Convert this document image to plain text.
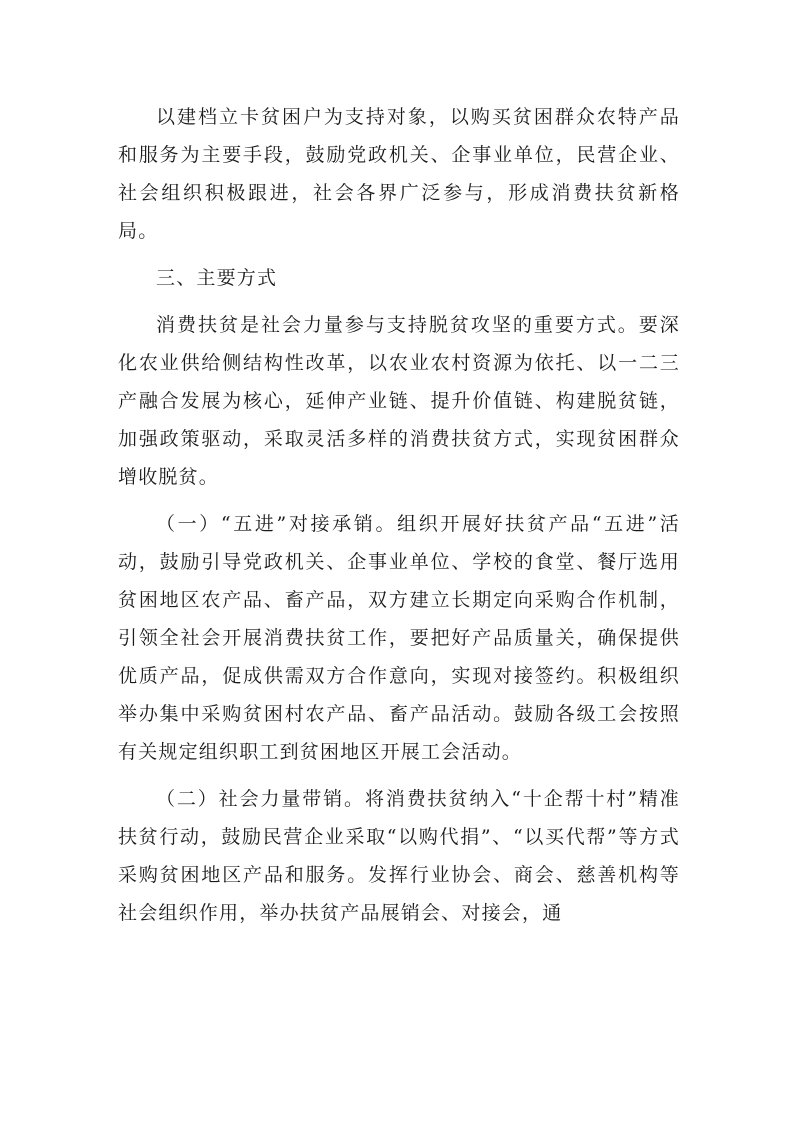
以建档立卡贫困户为支持对象，以购买贫困群众农特产品和服务为主要手段，鼓励党政机关、企事业单位，民营企业、社会组织积极跟进，社会各界广泛参与，形成消费扶贫新格局。

三、主要方式

消费扶贫是社会力量参与支持脱贫攻坚的重要方式。要深化农业供给侧结构性改革，以农业农村资源为依托、以一二三产融合发展为核心，延伸产业链、提升价值链、构建脱贫链，加强政策驱动，采取灵活多样的消费扶贫方式，实现贫困群众增收脱贫。

（一）“五进”对接承销。组织开展好扶贫产品“五进”活动，鼓励引导党政机关、企事业单位、学校的食堂、餐厅选用贫困地区农产品、畜产品，双方建立长期定向采购合作机制，引领全社会开展消费扶贫工作，要把好产品质量关，确保提供优质产品，促成供需双方合作意向，实现对接签约。积极组织举办集中采购贫困村农产品、畜产品活动。鼓励各级工会按照有关规定组织职工到贫困地区开展工会活动。

（二）社会力量带销。将消费扶贫纳入“十企帮十村”精准扶贫行动，鼓励民营企业采取“以购代捐”、“以买代帮”等方式采购贫困地区产品和服务。发挥行业协会、商会、慈善机构等社会组织作用，举办扶贫产品展销会、对接会，通
